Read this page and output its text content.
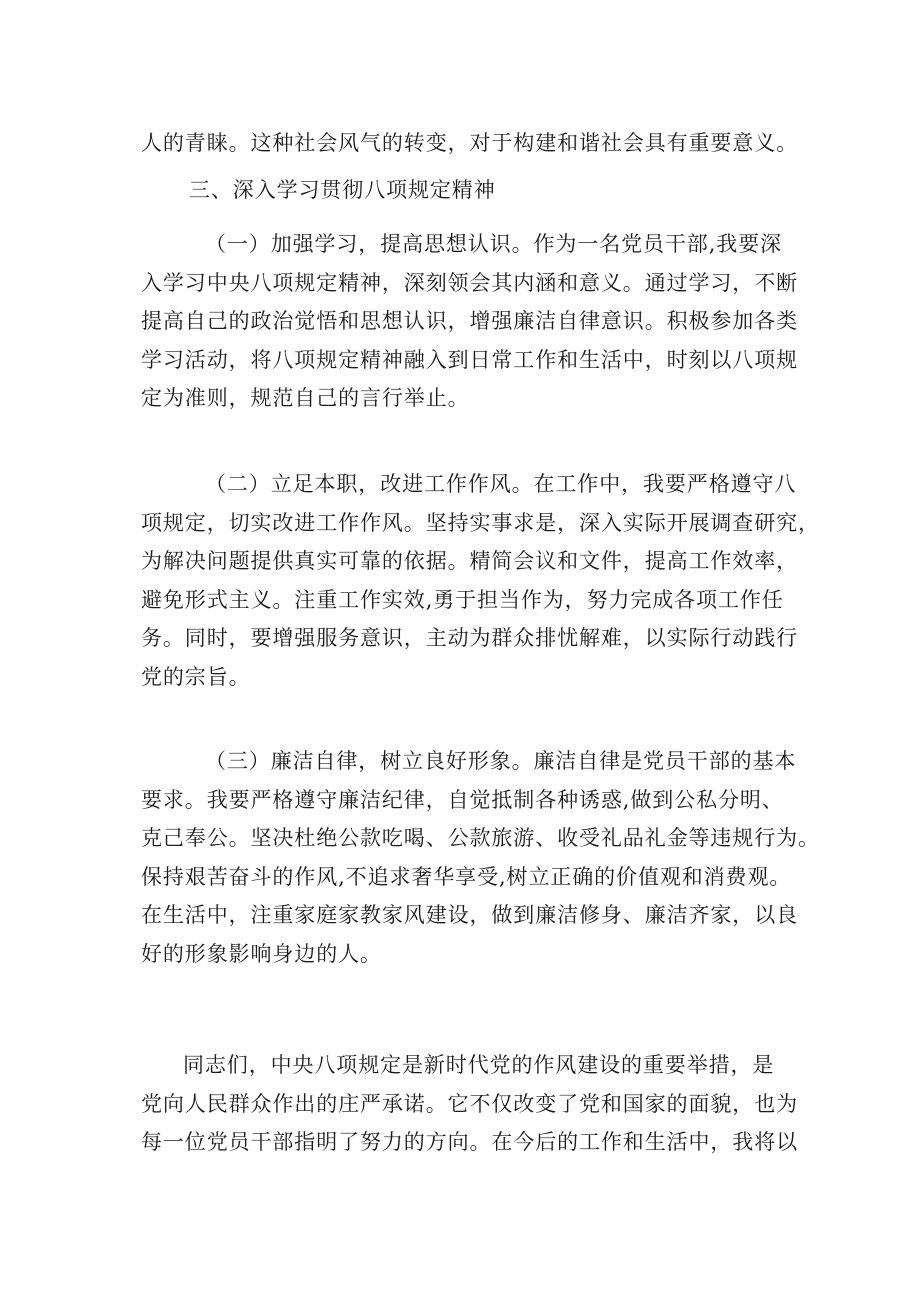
人的青睐。这种社会风气的转变，对于构建和谐社会具有重要意义。
三、深入学习贯彻八项规定精神
（一）加强学习，提高思想认识。作为一名党员干部,我要深
入学习中央八项规定精神，深刻领会其内涵和意义。通过学习，不断
提高自己的政治觉悟和思想认识，增强廉洁自律意识。积极参加各类
学习活动，将八项规定精神融入到日常工作和生活中，时刻以八项规
定为准则，规范自己的言行举止。
（二）立足本职，改进工作作风。在工作中，我要严格遵守八
项规定，切实改进工作作风。坚持实事求是，深入实际开展调查研究，
为解决问题提供真实可靠的依据。精简会议和文件，提高工作效率，
避免形式主义。注重工作实效,勇于担当作为，努力完成各项工作任
务。同时，要增强服务意识，主动为群众排忧解难，以实际行动践行
党的宗旨。
（三）廉洁自律，树立良好形象。廉洁自律是党员干部的基本
要求。我要严格遵守廉洁纪律，自觉抵制各种诱惑,做到公私分明、
克己奉公。坚决杜绝公款吃喝、公款旅游、收受礼品礼金等违规行为。
保持艰苦奋斗的作风,不追求奢华享受,树立正确的价值观和消费观。
在生活中，注重家庭家教家风建设，做到廉洁修身、廉洁齐家，以良
好的形象影响身边的人。
同志们，中央八项规定是新时代党的作风建设的重要举措，是
党向人民群众作出的庄严承诺。它不仅改变了党和国家的面貌，也为
每一位党员干部指明了努力的方向。在今后的工作和生活中，我将以
